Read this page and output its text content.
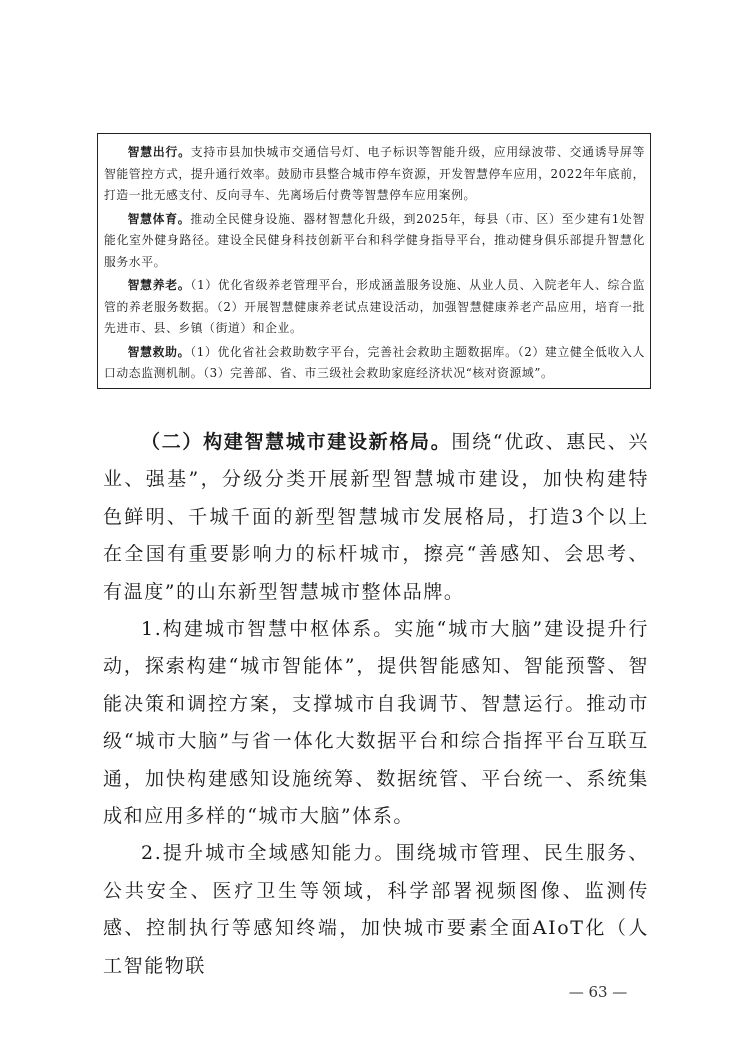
智慧出行。支持市县加快城市交通信号灯、电子标识等智能升级，应用绿波带、交通诱导屏等智能管控方式，提升通行效率。鼓励市县整合城市停车资源，开发智慧停车应用，2022年年底前，打造一批无感支付、反向寻车、先离场后付费等智慧停车应用案例。

智慧体育。推动全民健身设施、器材智慧化升级，到2025年，每县（市、区）至少建有1处智能化室外健身路径。建设全民健身科技创新平台和科学健身指导平台，推动健身俱乐部提升智慧化服务水平。

智慧养老。（1）优化省级养老管理平台，形成涵盖服务设施、从业人员、入院老年人、综合监管的养老服务数据。（2）开展智慧健康养老试点建设活动，加强智慧健康养老产品应用，培育一批先进市、县、乡镇（街道）和企业。

智慧救助。（1）优化省社会救助数字平台，完善社会救助主题数据库。（2）建立健全低收入人口动态监测机制。（3）完善部、省、市三级社会救助家庭经济状况“核对资源域”。

（二）构建智慧城市建设新格局。围绕“优政、惠民、兴业、强基”，分级分类开展新型智慧城市建设，加快构建特色鲜明、千城千面的新型智慧城市发展格局，打造3个以上在全国有重要影响力的标杆城市，擦亮“善感知、会思考、有温度”的山东新型智慧城市整体品牌。

1.构建城市智慧中枢体系。实施“城市大脑”建设提升行动，探索构建“城市智能体”，提供智能感知、智能预警、智能决策和调控方案，支撑城市自我调节、智慧运行。推动市级“城市大脑”与省一体化大数据平台和综合指挥平台互联互通，加快构建感知设施统筹、数据统管、平台统一、系统集成和应用多样的“城市大脑”体系。

2.提升城市全域感知能力。围绕城市管理、民生服务、公共安全、医疗卫生等领域，科学部署视频图像、监测传感、控制执行等感知终端，加快城市要素全面AIoT化（人工智能物联

— 63 —
